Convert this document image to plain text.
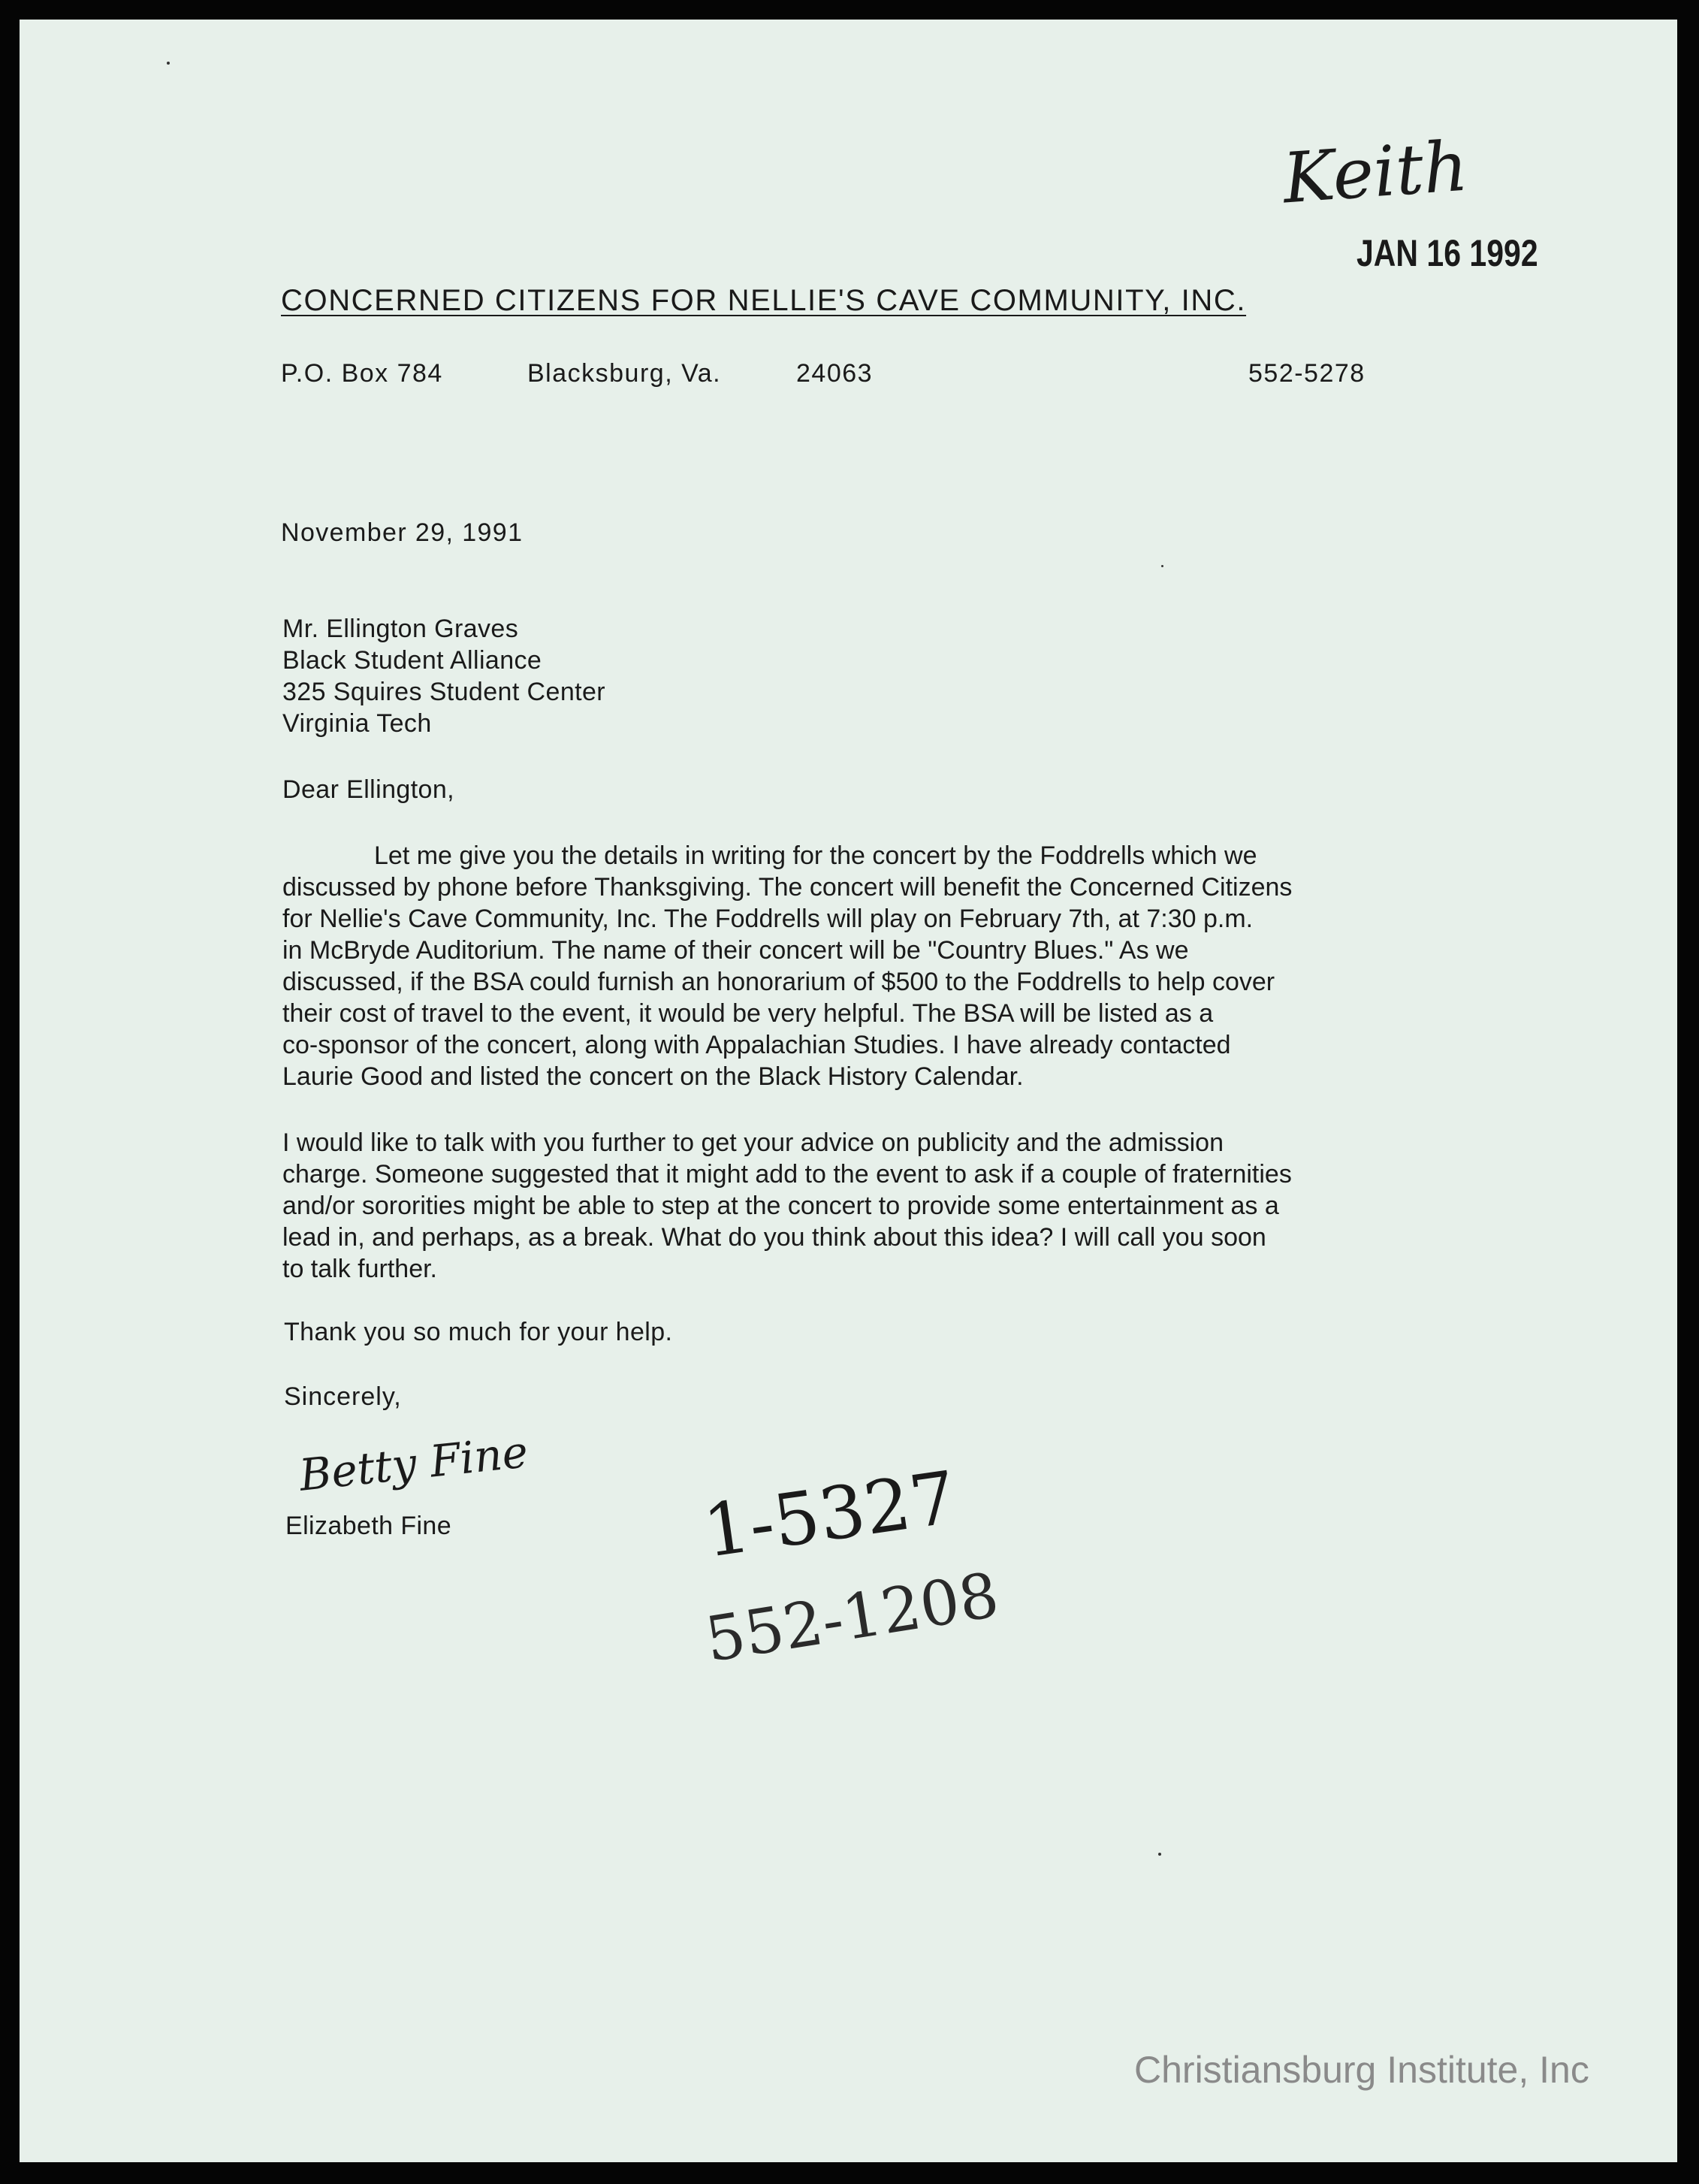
Keith
JAN 16 1992
CONCERNED CITIZENS FOR NELLIE'S CAVE COMMUNITY, INC.
P.O. Box 784	Blacksburg, Va.	24063	552-5278
November 29, 1991
Mr. Ellington Graves
Black Student Alliance
325 Squires Student Center
Virginia Tech
Dear Ellington,
Let me give you the details in writing for the concert by the Foddrells which we
discussed by phone before Thanksgiving. The concert will benefit the Concerned Citizens
for Nellie's Cave Community, Inc. The Foddrells will play on February 7th, at 7:30 p.m.
in McBryde Auditorium. The name of their concert will be "Country Blues." As we
discussed, if the BSA could furnish an honorarium of $500 to the Foddrells to help cover
their cost of travel to the event, it would be very helpful. The BSA will be listed as a
co-sponsor of the concert, along with Appalachian Studies. I have already contacted
Laurie Good and listed the concert on the Black History Calendar.
I would like to talk with you further to get your advice on publicity and the admission
charge. Someone suggested that it might add to the event to ask if a couple of fraternities
and/or sororities might be able to step at the concert to provide some entertainment as a
lead in, and perhaps, as a break. What do you think about this idea? I will call you soon
to talk further.
Thank you so much for your help.
Sincerely,
Betty Fine
Elizabeth Fine	1-5327
552-1208
Christiansburg Institute, Inc
